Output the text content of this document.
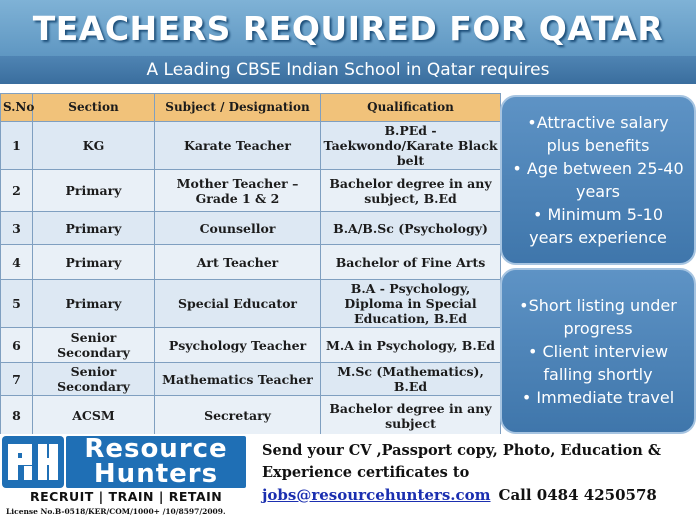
TEACHERS REQUIRED FOR QATAR
A Leading CBSE Indian School in Qatar requires
S.No	Section	Subject / Designation	Qualification
1	KG	Karate Teacher	B.PEd -Taekwondo/Karate Black belt
2	Primary	Mother Teacher – Grade 1 & 2	Bachelor degree in any subject, B.Ed
3	Primary	Counsellor	B.A/B.Sc (Psychology)
4	Primary	Art Teacher	Bachelor of Fine Arts
5	Primary	Special Educator	B.A - Psychology, Diploma in Special Education, B.Ed
6	Senior Secondary	Psychology Teacher	M.A in Psychology, B.Ed
7	Senior Secondary	Mathematics Teacher	M.Sc (Mathematics), B.Ed
8	ACSM	Secretary	Bachelor degree in any subject
•Attractive salary plus benefits
• Age between 25-40 years
• Minimum 5-10 years experience
•Short listing under progress
• Client interview falling shortly
• Immediate travel
Resource
Hunters
RECRUIT | TRAIN | RETAIN
License No.B-0518/KER/COM/1000+ /10/8597/2009.
Send your CV ,Passport copy, Photo, Education &
Experience certificates to
jobs@resourcehunters.com Call 0484 4250578
